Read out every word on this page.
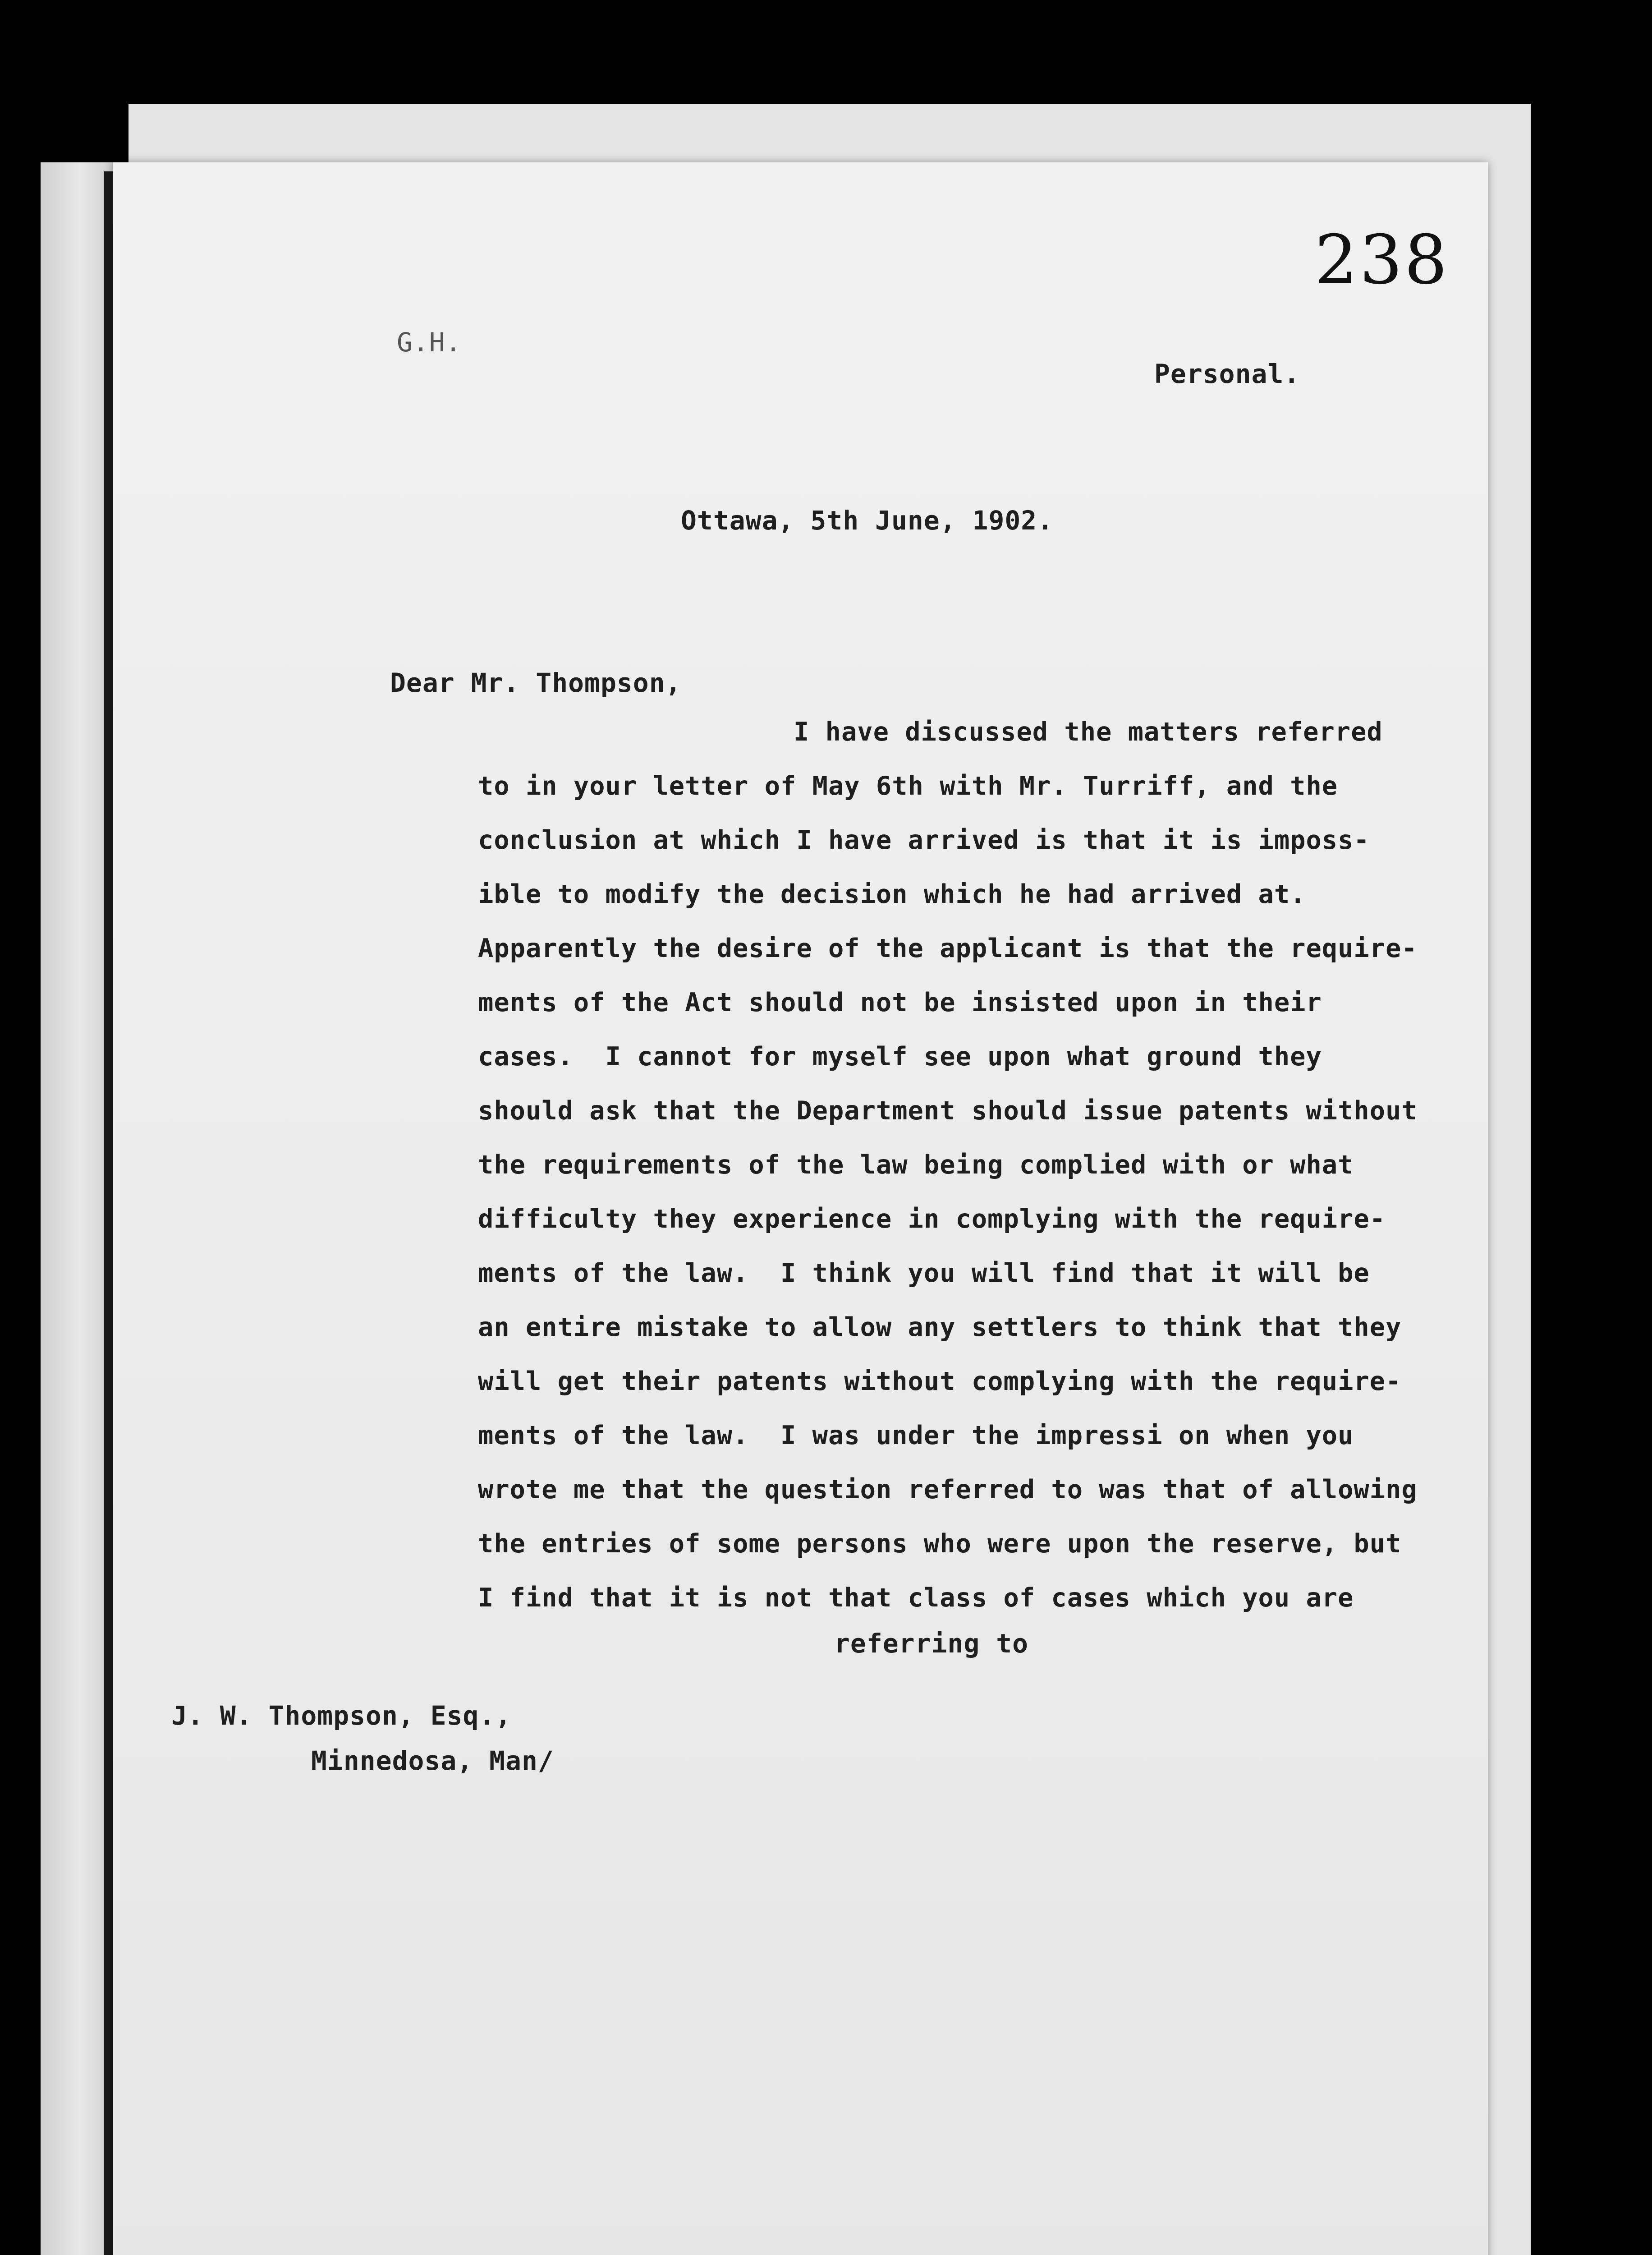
238
G.H.
Personal.
Ottawa, 5th June, 1902.
Dear Mr. Thompson,
I have discussed the matters referred
to in your letter of May 6th with Mr. Turriff, and the
conclusion at which I have arrived is that it is imposs-
ible to modify the decision which he had arrived at.
Apparently the desire of the applicant is that the require-
ments of the Act should not be insisted upon in their
cases.  I cannot for myself see upon what ground they
should ask that the Department should issue patents without
the requirements of the law being complied with or what
difficulty they experience in complying with the require-
ments of the law.  I think you will find that it will be
an entire mistake to allow any settlers to think that they
will get their patents without complying with the require-
ments of the law.  I was under the impressi on when you
wrote me that the question referred to was that of allowing
the entries of some persons who were upon the reserve, but
I find that it is not that class of cases which you are
referring to
J. W. Thompson, Esq.,
Minnedosa, Man/
